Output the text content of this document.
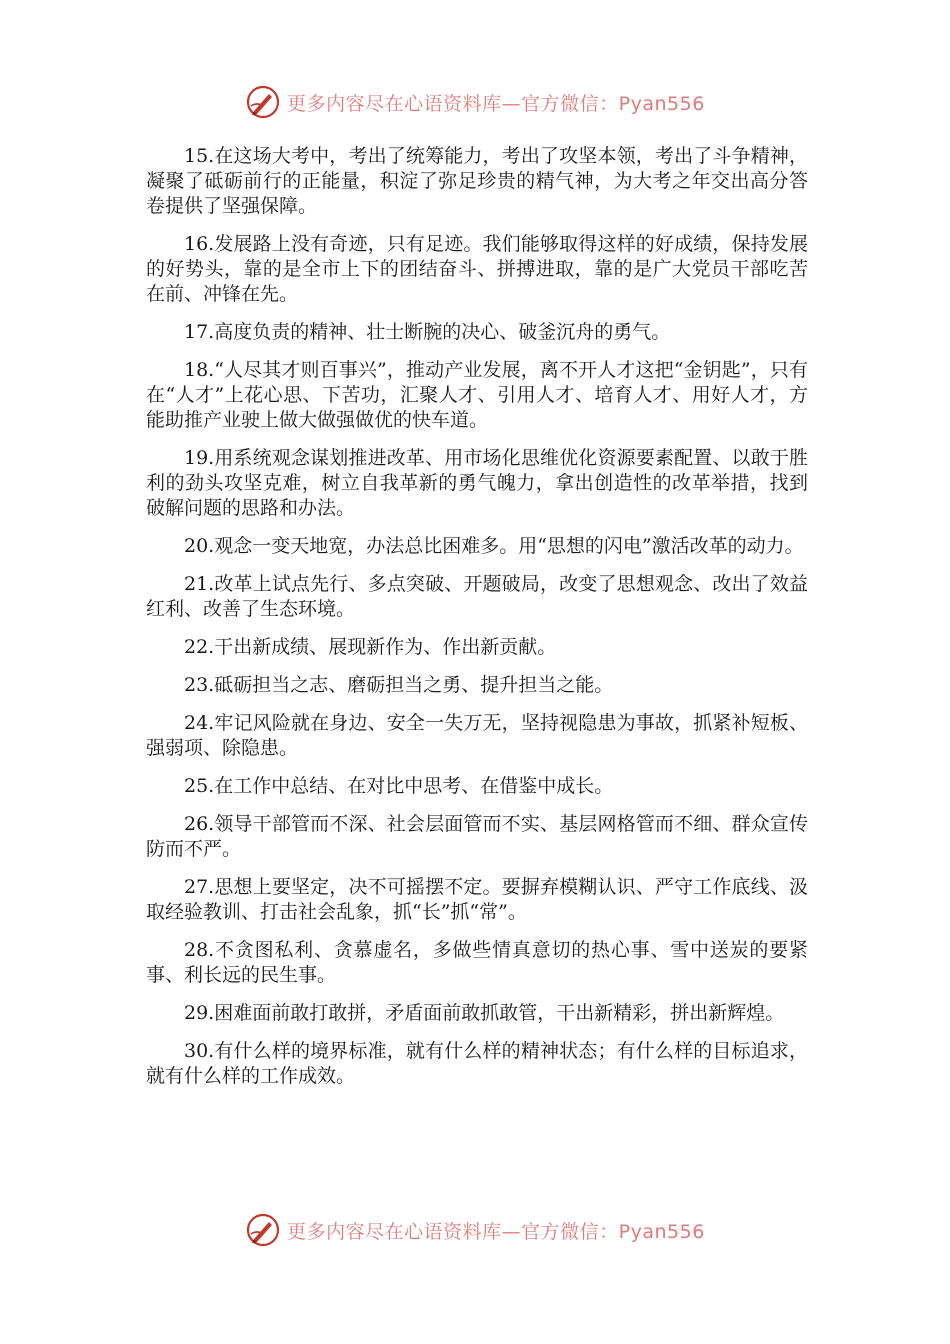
更多内容尽在心语资料库—官方微信：Pyan556

15.在这场大考中，考出了统筹能力，考出了攻坚本领，考出了斗争精神，凝聚了砥砺前行的正能量，积淀了弥足珍贵的精气神，为大考之年交出高分答卷提供了坚强保障。

16.发展路上没有奇迹，只有足迹。我们能够取得这样的好成绩，保持发展的好势头，靠的是全市上下的团结奋斗、拼搏进取，靠的是广大党员干部吃苦在前、冲锋在先。

17.高度负责的精神、壮士断腕的决心、破釜沉舟的勇气。

18.“人尽其才则百事兴”，推动产业发展，离不开人才这把“金钥匙”，只有在“人才”上花心思、下苦功，汇聚人才、引用人才、培育人才、用好人才，方能助推产业驶上做大做强做优的快车道。

19.用系统观念谋划推进改革、用市场化思维优化资源要素配置、以敢于胜利的劲头攻坚克难，树立自我革新的勇气魄力，拿出创造性的改革举措，找到破解问题的思路和办法。

20.观念一变天地宽，办法总比困难多。用“思想的闪电”激活改革的动力。

21.改革上试点先行、多点突破、开题破局，改变了思想观念、改出了效益红利、改善了生态环境。

22.干出新成绩、展现新作为、作出新贡献。

23.砥砺担当之志、磨砺担当之勇、提升担当之能。

24.牢记风险就在身边、安全一失万无，坚持视隐患为事故，抓紧补短板、强弱项、除隐患。

25.在工作中总结、在对比中思考、在借鉴中成长。

26.领导干部管而不深、社会层面管而不实、基层网格管而不细、群众宣传防而不严。

27.思想上要坚定，决不可摇摆不定。要摒弃模糊认识、严守工作底线、汲取经验教训、打击社会乱象，抓“长”抓“常”。

28.不贪图私利、贪慕虚名，多做些情真意切的热心事、雪中送炭的要紧事、利长远的民生事。

29.困难面前敢打敢拼，矛盾面前敢抓敢管，干出新精彩，拼出新辉煌。

30.有什么样的境界标准，就有什么样的精神状态；有什么样的目标追求，就有什么样的工作成效。

更多内容尽在心语资料库—官方微信：Pyan556
